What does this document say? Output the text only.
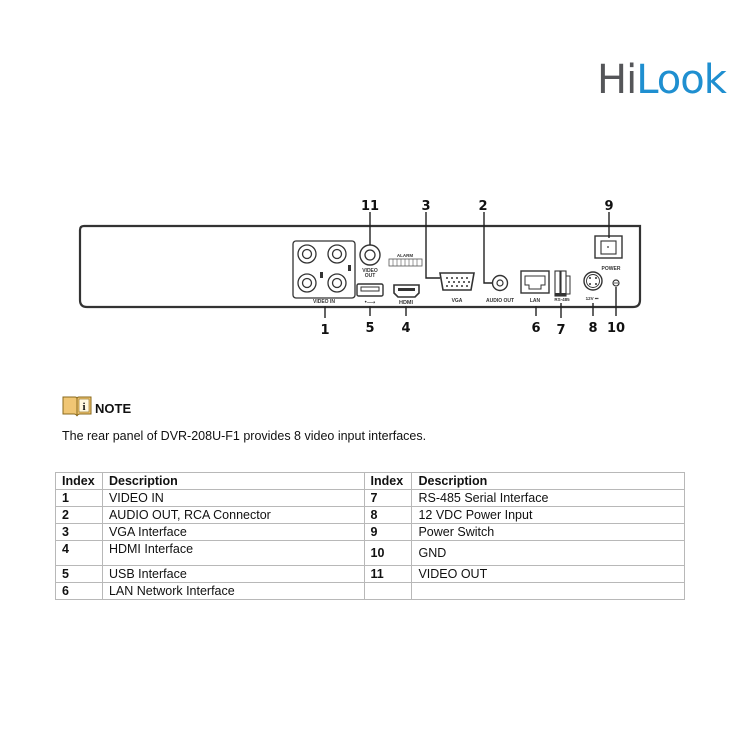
HiLook
VIDEO IN
VIDEO
OUT
•⟶
ALARM
HDMI	VGA	AUDIO OUT	LAN	RS-485	12V ⎓
POWER
11	3	2	9
1	5 4	6 7 8 10
i NOTE
The rear panel of DVR-208U-F1 provides 8 video input interfaces.
Index	Description	Index	Description
1	VIDEO IN	7	RS-485 Serial Interface
2	AUDIO OUT, RCA Connector	8	12 VDC Power Input
3	VGA Interface	9	Power Switch
4	HDMI Interface	10	GND
5	USB Interface	11	VIDEO OUT
6	LAN Network Interface		
